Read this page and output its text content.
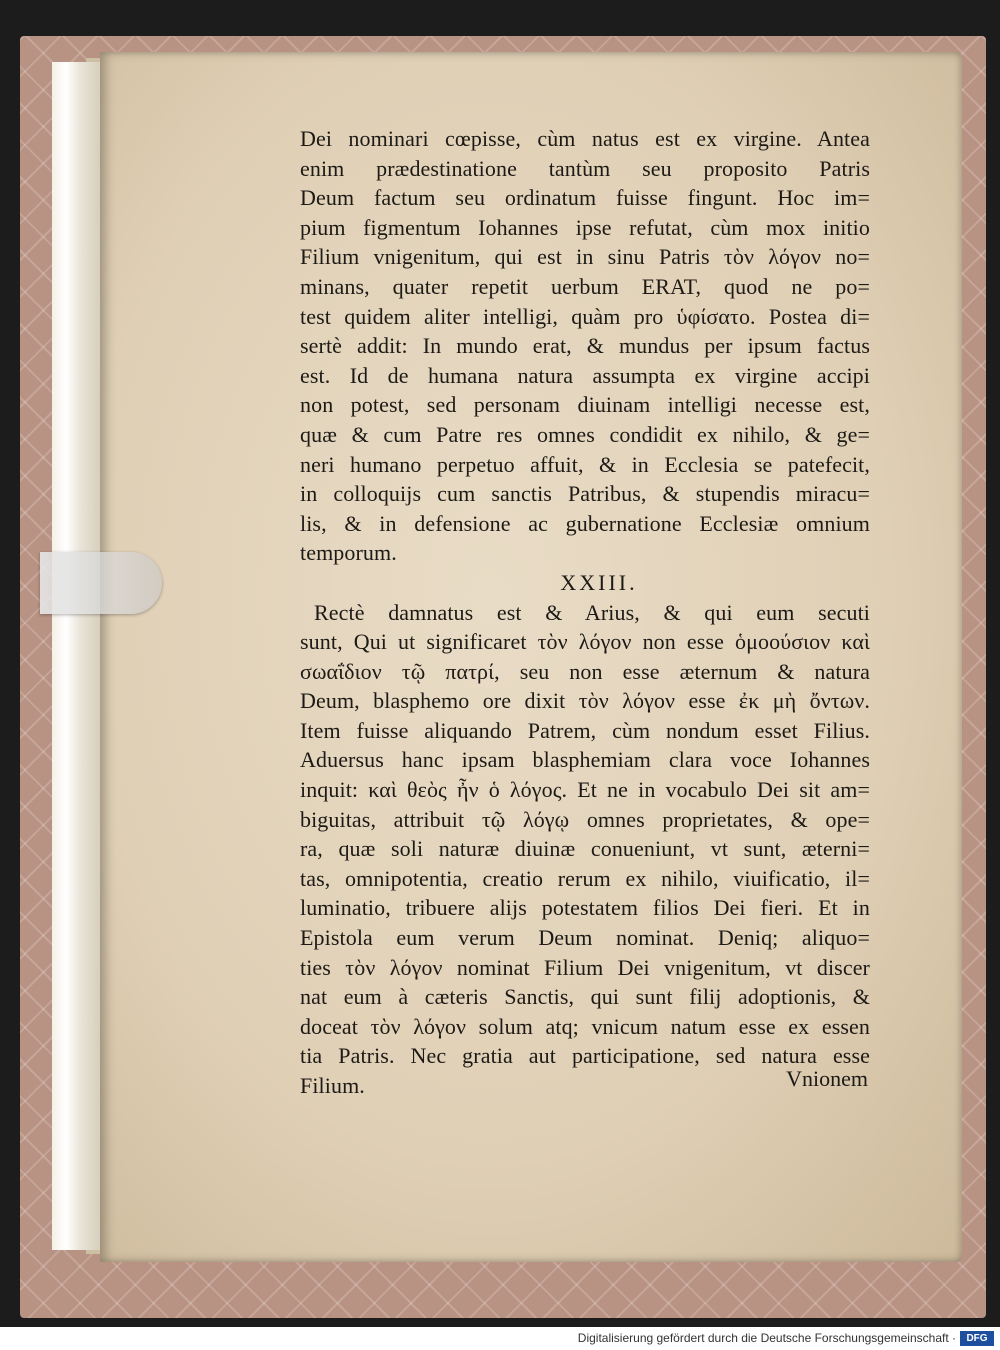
Dei nominari cœpisse, cùm natus est ex virgine. Antea
enim prædestinatione tantùm seu proposito Patris
Deum factum seu ordinatum fuisse fingunt. Hoc im=
pium figmentum Iohannes ipse refutat, cùm mox initio
Filium vnigenitum, qui est in sinu Patris τὸν λόγον no=
minans, quater repetit uerbum ERAT, quod ne po=
test quidem aliter intelligi, quàm pro ὑφίσατο. Postea di=
sertè addit: In mundo erat, & mundus per ipsum factus
est. Id de humana natura assumpta ex virgine accipi
non potest, sed personam diuinam intelligi necesse est,
quæ & cum Patre res omnes condidit ex nihilo, & ge=
neri humano perpetuo affuit, & in Ecclesia se patefecit,
in colloquijs cum sanctis Patribus, & stupendis miracu=
lis, & in defensione ac gubernatione Ecclesiæ omnium
temporum.
XXIII.
Rectè damnatus est & Arius, & qui eum secuti
sunt, Qui ut significaret τὸν λόγον non esse ὁμοούσιον καὶ
σωαΐδιον τῷ πατρί, seu non esse æternum & natura
Deum, blasphemo ore dixit τὸν λόγον esse ἐκ μὴ ὄντων.
Item fuisse aliquando Patrem, cùm nondum esset Filius.
Aduersus hanc ipsam blasphemiam clara voce Iohannes
inquit: καὶ θεὸς ἦν ὁ λόγος. Et ne in vocabulo Dei sit am=
biguitas, attribuit τῷ λόγῳ omnes proprietates, & ope=
ra, quæ soli naturæ diuinæ conueniunt, vt sunt, æterni=
tas, omnipotentia, creatio rerum ex nihilo, viuificatio, il=
luminatio, tribuere alijs potestatem filios Dei fieri. Et in
Epistola eum verum Deum nominat. Deniq; aliquo=
ties τὸν λόγον nominat Filium Dei vnigenitum, vt discer
nat eum à cæteris Sanctis, qui sunt filij adoptionis, &
doceat τὸν λόγον solum atq; vnicum natum esse ex essen
tia Patris. Nec gratia aut participatione, sed natura esse
Filium.	Vnionem
Digitalisierung gefördert durch die Deutsche Forschungsgemeinschaft ·	DFG
